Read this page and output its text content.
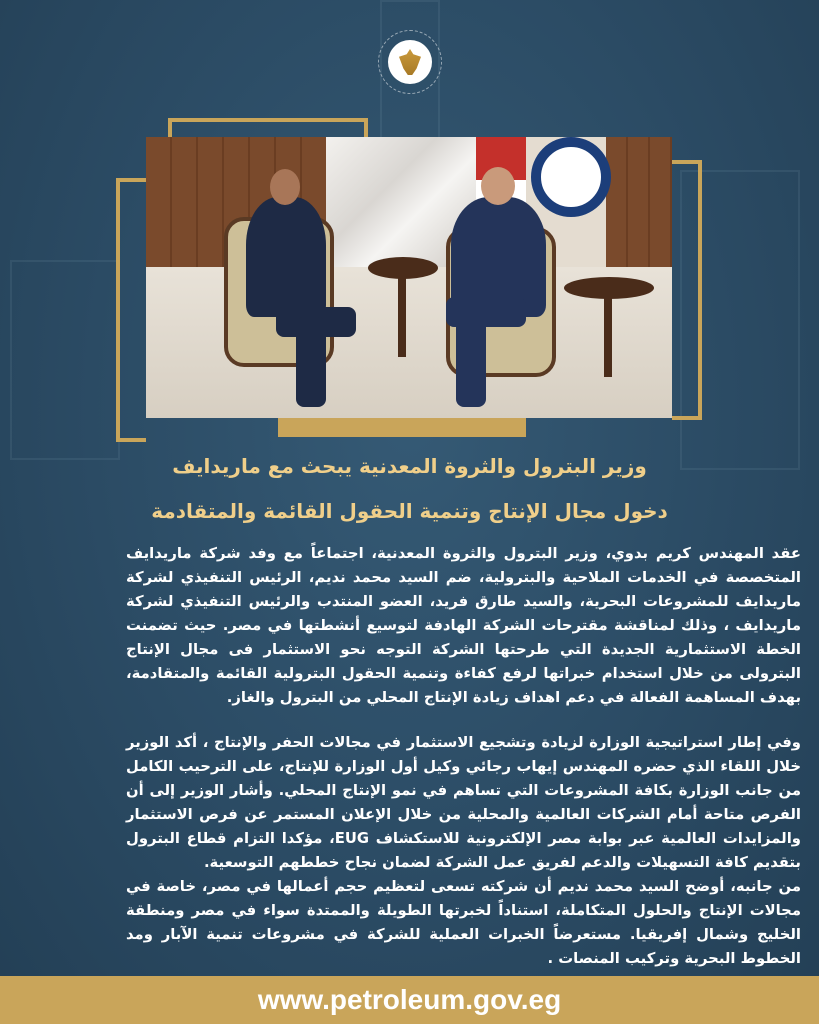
وزير البترول والثروة المعدنية يبحث مع ماريدايف
دخول مجال الإنتاج وتنمية الحقول القائمة والمتقادمة

عقد المهندس كريم بدوي، وزير البترول والثروة المعدنية، اجتماعاً مع وفد شركة ماريدايف المتخصصة في الخدمات الملاحية والبترولية، ضم السيد محمد نديم، الرئيس التنفيذي لشركة ماريدايف للمشروعات البحرية، والسيد طارق فريد، العضو المنتدب والرئيس التنفيذي لشركة ماريدايف ، وذلك لمناقشة مقترحات الشركة الهادفة لتوسيع أنشطتها في مصر. حيث تضمنت الخطة الاستثمارية الجديدة التي طرحتها الشركة التوجه نحو الاستثمار فى مجال الإنتاج البترولى من خلال استخدام خبراتها لرفع كفاءة وتنمية الحقول البترولية القائمة والمتقادمة، بهدف المساهمة الفعالة في دعم اهداف زيادة الإنتاج المحلي من البترول والغاز.

وفي إطار استراتيجية الوزارة لزيادة وتشجيع الاستثمار في مجالات الحفر والإنتاج ، أكد الوزير خلال اللقاء الذي حضره المهندس إيهاب رجائي وكيل أول الوزارة للإنتاج، على الترحيب الكامل من جانب الوزارة بكافة المشروعات التي تساهم في نمو الإنتاج المحلي. وأشار الوزير إلى أن الفرص متاحة أمام الشركات العالمية والمحلية من خلال الإعلان المستمر عن فرص الاستثمار والمزايدات العالمية عبر بوابة مصر الإلكترونية للاستكشاف EUG، مؤكدا التزام قطاع البترول بتقديم كافة التسهيلات والدعم لفريق عمل الشركة لضمان نجاح خططهم التوسعية.

من جانبه، أوضح السيد محمد نديم أن شركته تسعى لتعظيم حجم أعمالها في مصر، خاصة في مجالات الإنتاج والحلول المتكاملة، استناداً لخبرتها الطويلة والممتدة سواء في مصر ومنطقة الخليج وشمال إفريقيا. مستعرضاً الخبرات العملية للشركة في مشروعات تنمية الآبار ومد الخطوط البحرية وتركيب المنصات .

www.petroleum.gov.eg
